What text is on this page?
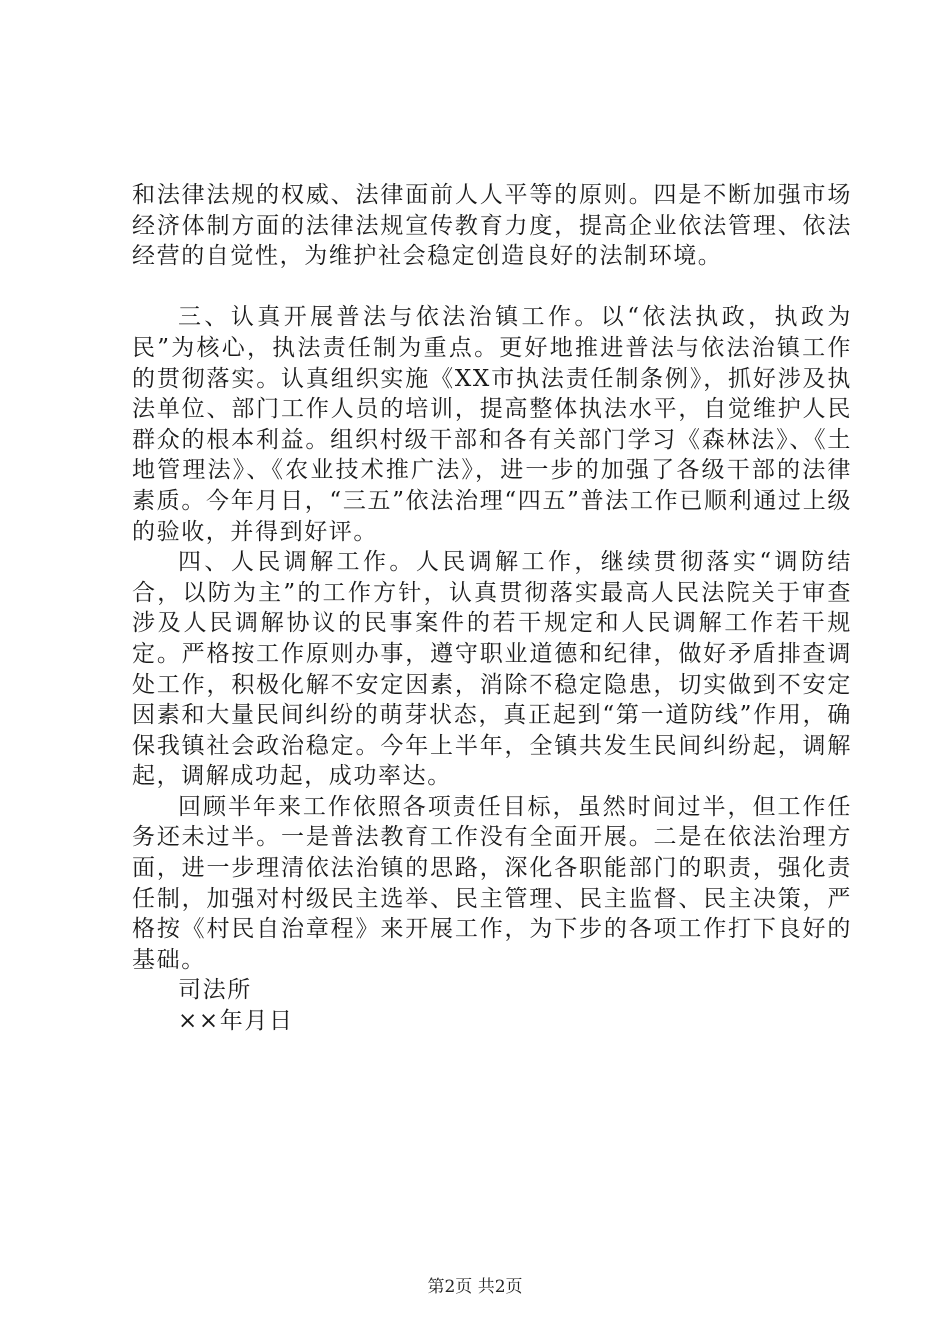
和法律法规的权威、法律面前人人平等的原则。四是不断加强市场经济体制方面的法律法规宣传教育力度，提高企业依法管理、依法经营的自觉性，为维护社会稳定创造良好的法制环境。

三、认真开展普法与依法治镇工作。以“依法执政，执政为民”为核心，执法责任制为重点。更好地推进普法与依法治镇工作的贯彻落实。认真组织实施《XX市执法责任制条例》，抓好涉及执法单位、部门工作人员的培训，提高整体执法水平，自觉维护人民群众的根本利益。组织村级干部和各有关部门学习《森林法》、《土地管理法》、《农业技术推广法》，进一步的加强了各级干部的法律素质。今年月日，“三五”依法治理“四五”普法工作已顺利通过上级的验收，并得到好评。

四、人民调解工作。人民调解工作，继续贯彻落实“调防结合，以防为主”的工作方针，认真贯彻落实最高人民法院关于审查涉及人民调解协议的民事案件的若干规定和人民调解工作若干规定。严格按工作原则办事，遵守职业道德和纪律，做好矛盾排查调处工作，积极化解不安定因素，消除不稳定隐患，切实做到不安定因素和大量民间纠纷的萌芽状态，真正起到“第一道防线”作用，确保我镇社会政治稳定。今年上半年，全镇共发生民间纠纷起，调解起，调解成功起，成功率达。

回顾半年来工作依照各项责任目标，虽然时间过半，但工作任务还未过半。一是普法教育工作没有全面开展。二是在依法治理方面，进一步理清依法治镇的思路，深化各职能部门的职责，强化责任制，加强对村级民主选举、民主管理、民主监督、民主决策，严格按《村民自治章程》来开展工作，为下步的各项工作打下良好的基础。

司法所

××年月日

第2页 共2页
